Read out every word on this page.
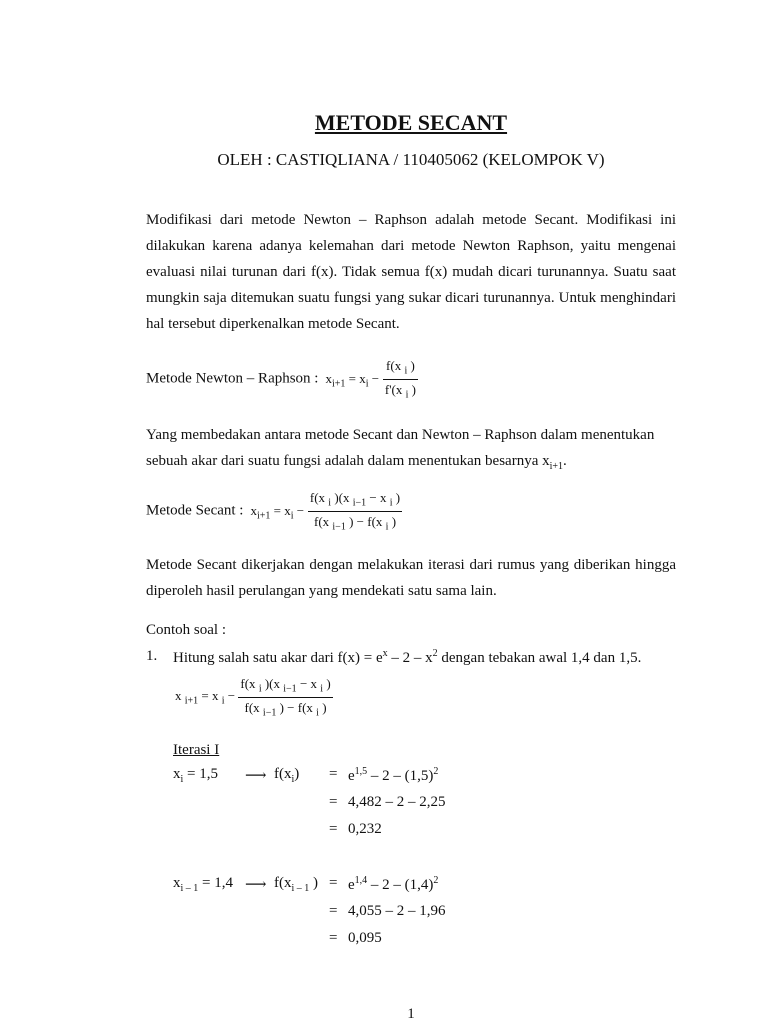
METODE SECANT
OLEH : CASTIQLIANA / 110405062 (KELOMPOK V)
Modifikasi dari metode Newton – Raphson adalah metode Secant. Modifikasi ini dilakukan karena adanya kelemahan dari metode Newton Raphson, yaitu mengenai evaluasi nilai turunan dari f(x). Tidak semua f(x) mudah dicari turunannya. Suatu saat mungkin saja ditemukan suatu fungsi yang sukar dicari turunannya. Untuk menghindari hal tersebut diperkenalkan metode Secant.
Metode Newton – Raphson :  $x_{i+1} = x_i - \frac{f(x _i )}{f'(x _i )}$
Yang membedakan antara metode Secant dan Newton – Raphson dalam menentukan
sebuah akar dari suatu fungsi adalah dalam menentukan besarnya $x_{i+1}$.
Metode Secant :  $x_{i+1} = x_i - \frac{f(x _i )(x _{i-1} - x _i )}{f(x _{i-1} ) - f(x _i )}$
Metode Secant dikerjakan dengan melakukan iterasi dari rumus yang diberikan hingga diperoleh hasil perulangan yang mendekati satu sama lain.
Contoh soal :
1. Hitung salah satu akar dari $f(x) = e^x - 2 - x^2$ dengan tebakan awal 1,4 dan 1,5.
x $_{i+1}$ = x $_i - \frac{f(x _i )(x _{i-1} - x _i )}{f(x _{i-1} ) - f(x _i )}$
Iterasi I
$x_i = 1,5$ ⟶ $f(x_i) = e^{1,5} - 2 - (1,5)^2$
= 4,482 – 2 – 2,25
= 0,232
$x_{i - 1} = 1,4$ ⟶ $f(x_{i - 1}$ ) = $e^{1,4} - 2 - (1,4)^2$
= 4,055 – 2 – 1,96
= 0,095
1
